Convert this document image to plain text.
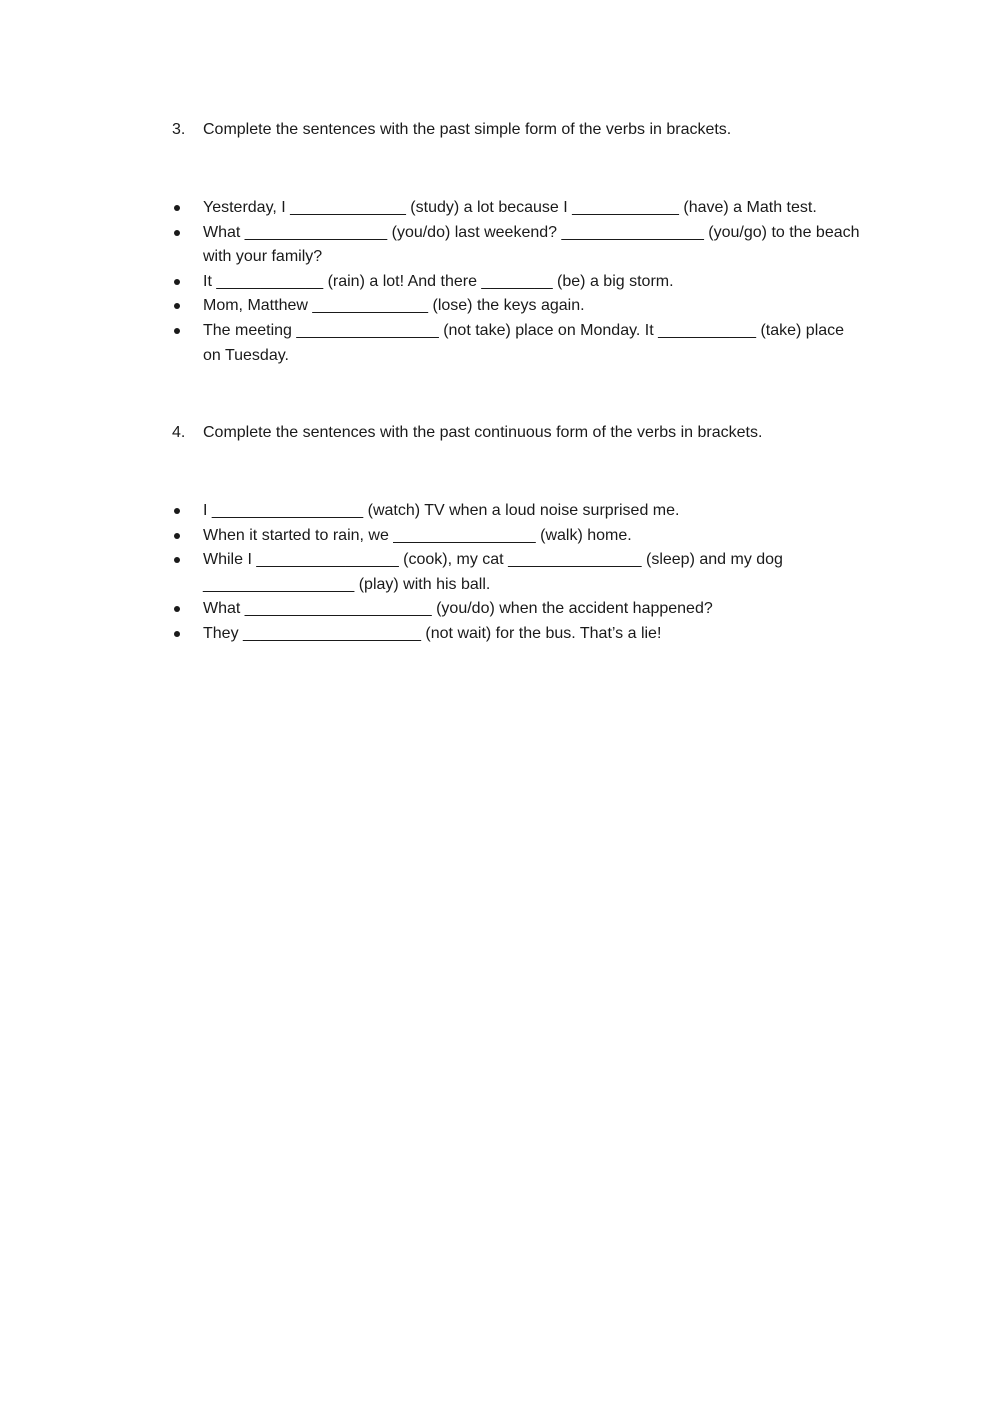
3.	Complete the sentences with the past simple form of the verbs in brackets.

Yesterday, I _____________ (study) a lot because I ____________ (have) a Math test.
What ________________ (you/do) last weekend? ________________ (you/go) to the beach with your family?
It ____________ (rain) a lot! And there ________ (be) a big storm.
Mom, Matthew _____________ (lose) the keys again.
The meeting ________________ (not take) place on Monday. It ___________ (take) place on Tuesday.

4.	Complete the sentences with the past continuous form of the verbs in brackets.

I _________________ (watch) TV when a loud noise surprised me.
When it started to rain, we ________________ (walk) home.
While I ________________ (cook), my cat _______________ (sleep) and my dog _________________ (play) with his ball.
What _____________________ (you/do) when the accident happened?
They ____________________ (not wait) for the bus. That’s a lie!
